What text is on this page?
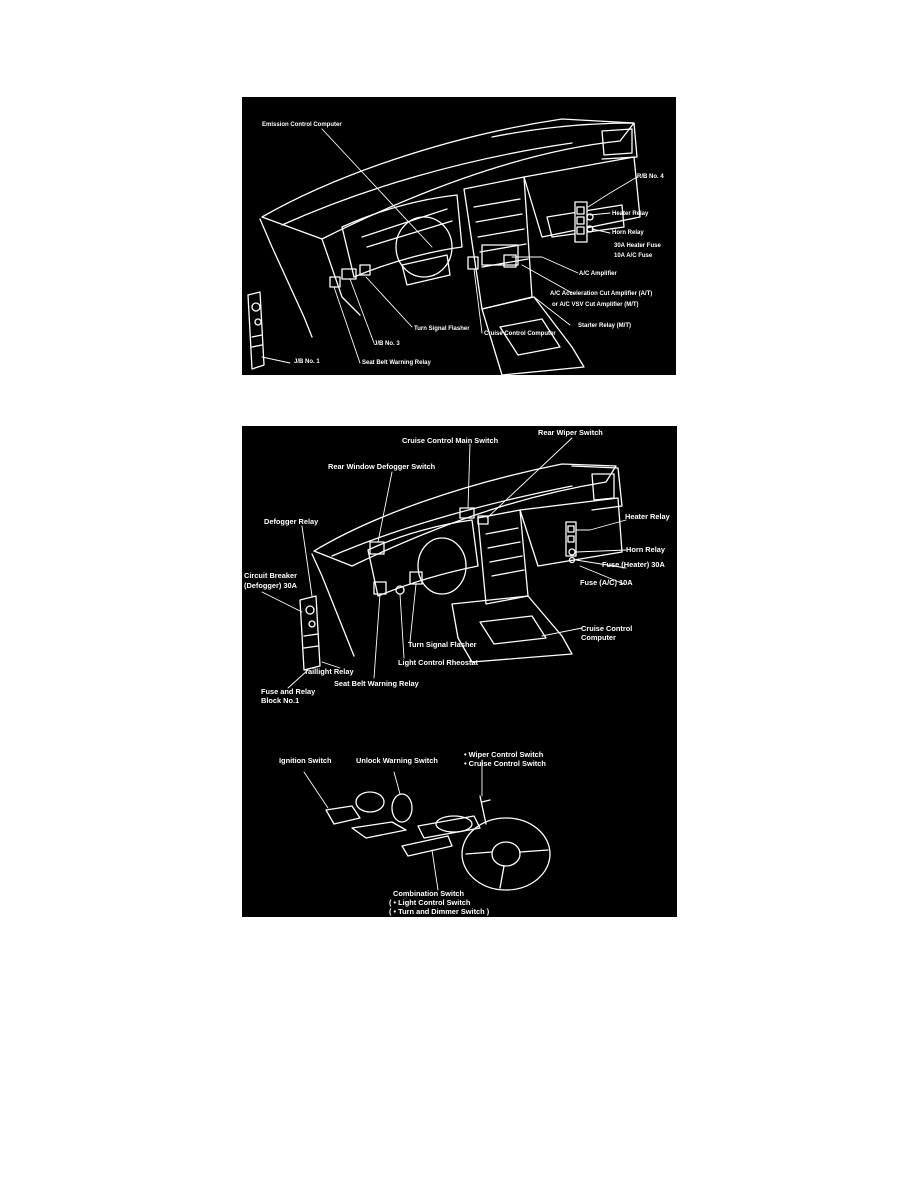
Emission Control Computer
R/B No. 4
Heater Relay
Horn Relay
30A Heater Fuse
10A A/C Fuse
A/C Amplifier
A/C Acceleration Cut Amplifier (A/T)
or A/C VSV Cut Amplifier (M/T)
Starter Relay (M/T)
Cruise Control Computer
Turn Signal Flasher
J/B No. 3
J/B No. 1	Seat Belt Warning Relay
Rear Wiper Switch
Cruise Control Main Switch
Rear Window Defogger Switch
Defogger Relay
Heater Relay
Horn Relay
Fuse (Heater) 30A
Fuse (A/C) 10A
Circuit Breaker
(Defogger) 30A
Turn Signal Flasher
Cruise Control
Computer
Light Control Rheostat
Taillight Relay
Seat Belt Warning Relay
Fuse and Relay
Block No.1
Ignition Switch	Unlock Warning Switch
• Wiper Control Switch
• Cruise Control Switch
Combination Switch
( • Light Control Switch
( • Turn and Dimmer Switch )
